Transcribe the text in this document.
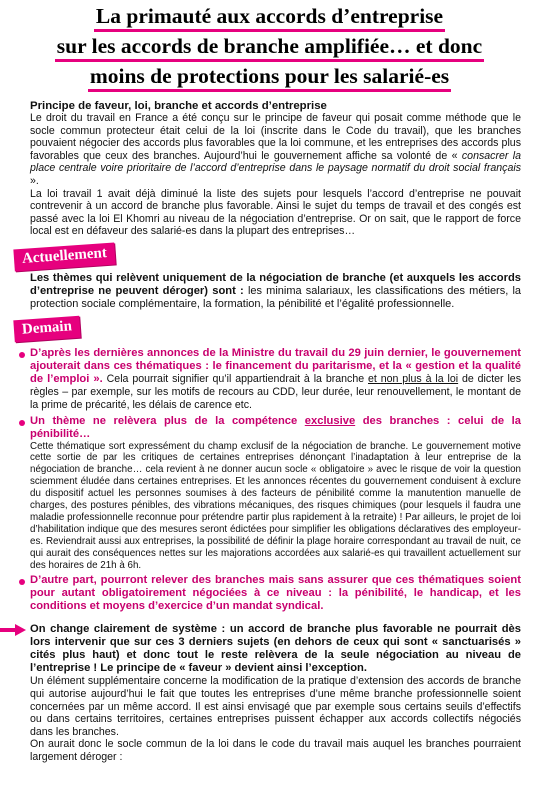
La primauté aux accords d’entreprise
sur les accords de branche amplifiée… et donc
moins de protections pour les salarié-es
Principe de faveur, loi, branche et accords d’entreprise

Le droit du travail en France a été conçu sur le principe de faveur qui posait comme méthode que le socle commun protecteur était celui de la loi (inscrite dans le Code du travail), que les branches pouvaient négocier des accords plus favorables que la loi commune, et les entreprises des accords plus favorables que ceux des branches. Aujourd’hui le gouvernement affiche sa volonté de « consacrer la place centrale voire prioritaire de l’accord d’entreprise dans le paysage normatif du droit social français ».

La loi travail 1 avait déjà diminué la liste des sujets pour lesquels l’accord d’entreprise ne pouvait contrevenir à un accord de branche plus favorable. Ainsi le sujet du temps de travail et des congés est passé avec la loi El Khomri au niveau de la négociation d’entreprise. Or on sait, que le rapport de force local est en défaveur des salarié-es dans la plupart des entreprises…

Actuellement
Les thèmes qui relèvent uniquement de la négociation de branche (et auxquels les accords d’entreprise ne peuvent déroger) sont : les minima salariaux, les classifications des métiers, la protection sociale complémentaire, la formation, la pénibilité et l’égalité professionnelle.
Demain

D’après les dernières annonces de la Ministre du travail du 29 juin dernier, le gouvernement ajouterait dans ces thématiques : le financement du paritarisme, et la « gestion et la qualité de l’emploi ». Cela pourrait signifier qu’il appartiendrait à la branche et non plus à la loi de dicter les règles – par exemple, sur les motifs de recours au CDD, leur durée, leur renouvellement, le montant de la prime de précarité, les délais de carence etc.

Un thème ne relèvera plus de la compétence exclusive des branches : celui de la pénibilité…

Cette thématique sort expressément du champ exclusif de la négociation de branche. Le gouvernement motive cette sortie de par les critiques de certaines entreprises dénonçant l’inadaptation à leur entreprise de la négociation de branche… cela revient à ne donner aucun socle « obligatoire » avec le risque de voir la question sciemment éludée dans certaines entreprises. Et les annonces récentes du gouvernement conduisent à exclure du dispositif actuel les personnes soumises à des facteurs de pénibilité comme la manutention manuelle de charges, des postures pénibles, des vibrations mécaniques, des risques chimiques (pour lesquels il faudra une maladie professionnelle reconnue pour prétendre partir plus rapidement à la retraite) ! Par ailleurs, le projet de loi d’habilitation indique que des mesures seront édictées pour simplifier les obligations déclaratives des employeur-es. Reviendrait aussi aux entreprises, la possibilité de définir la plage horaire correspondant au travail de nuit, ce qui aurait des conséquences nettes sur les majorations accordées aux salarié-es qui travaillent actuellement sur des horaires de 21h à 6h.

D’autre part, pourront relever des branches mais sans assurer que ces thématiques soient pour autant obligatoirement négociées à ce niveau : la pénibilité, le handicap, et les conditions et moyens d’exercice d’un mandat syndical.

On change clairement de système : un accord de branche plus favorable ne pourrait dès lors intervenir que sur ces 3 derniers sujets (en dehors de ceux qui sont « sanctuarisés » cités plus haut) et donc tout le reste relèvera de la seule négociation au niveau de l’entreprise ! Le principe de « faveur » devient ainsi l’exception.

Un élément supplémentaire concerne la modification de la pratique d’extension des accords de branche qui autorise aujourd’hui le fait que toutes les entreprises d’une même branche professionnelle soient concernées par un même accord. Il est ainsi envisagé que par exemple sous certains seuils d’effectifs ou dans certains territoires, certaines entreprises puissent échapper aux accords collectifs négociés dans les branches.

On aurait donc le socle commun de la loi dans le code du travail mais auquel les branches pourraient largement déroger :
